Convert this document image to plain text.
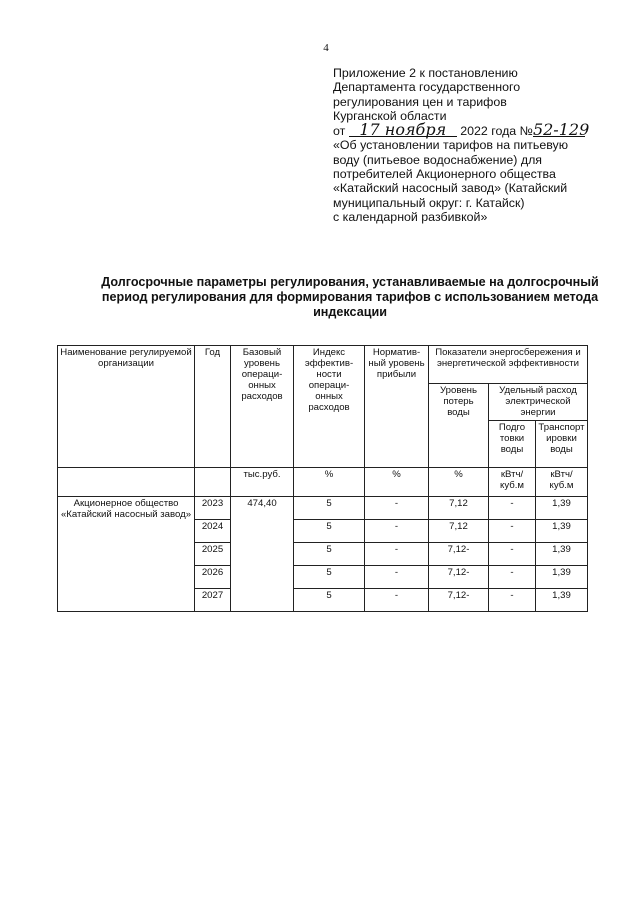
4
Приложение 2 к постановлению
Департамента государственного
регулирования цен и тарифов
Курганской области
от 17 ноября 2022 года №52-129
«Об установлении тарифов на питьевую
воду (питьевое водоснабжение) для
потребителей Акционерного общества
«Катайский насосный завод» (Катайский
муниципальный округ: г. Катайск)
с календарной разбивкой»
Долгосрочные параметры регулирования, устанавливаемые на долгосрочный
период регулирования для формирования тарифов с использованием метода
индексации
Наименование регулируемой организации	Год	Базовый уровень операци-онных расходов	Индекс эффектив-ности операци-онных расходов	Норматив-ный уровень прибыли	Показатели энергосбережения и энергетической эффективности		
					Уровень потерь воды	Удельный расход электрической энергии	
						Подго товки воды	Транспорт ировки воды
		тыс.руб.	%	%	%	кВтч/ куб.м	кВтч/ куб.м
Акционерное общество «Катайский насосный завод»	2023	474,40	5	-	7,12	-	1,39
	2024		5	-	7,12	-	1,39
	2025		5	-	7,12-	-	1,39
	2026		5	-	7,12-	-	1,39
	2027		5	-	7,12-	-	1,39
